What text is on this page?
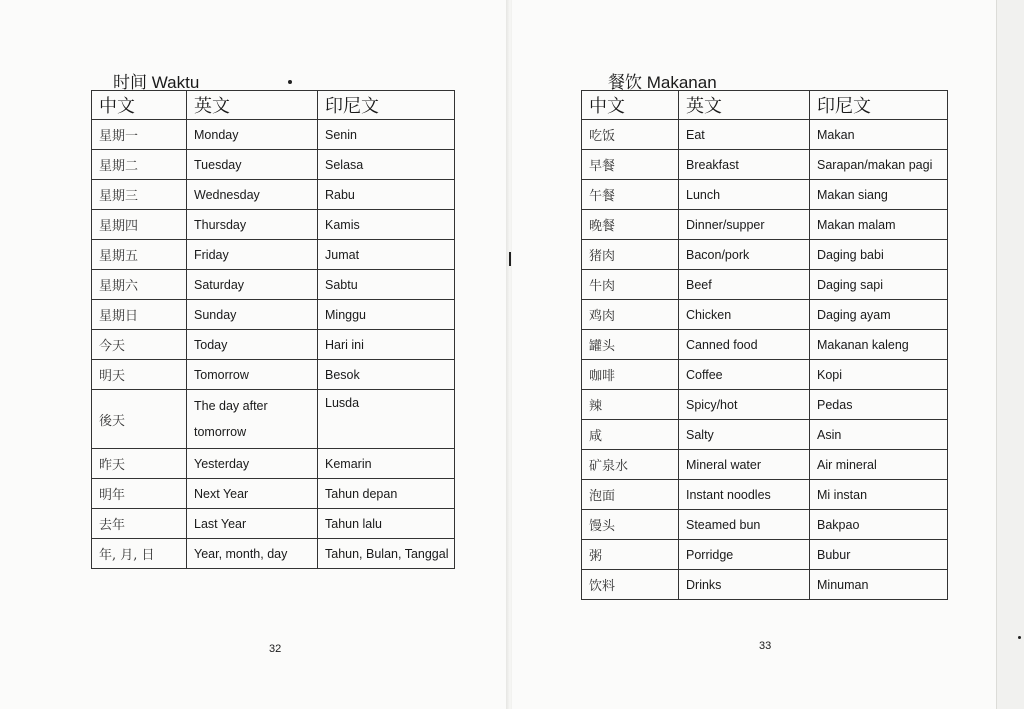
时间 Waktu
中文	英文	印尼文
星期一	Monday	Senin
星期二	Tuesday	Selasa
星期三	Wednesday	Rabu
星期四	Thursday	Kamis
星期五	Friday	Jumat
星期六	Saturday	Sabtu
星期日	Sunday	Minggu
今天	Today	Hari ini
明天	Tomorrow	Besok
後天	The day after tomorrow	Lusda
昨天	Yesterday	Kemarin
明年	Next Year	Tahun depan
去年	Last Year	Tahun lalu
年, 月, 日	Year, month, day	Tahun, Bulan, Tanggal
32
餐饮 Makanan
中文	英文	印尼文
吃饭	Eat	Makan
早餐	Breakfast	Sarapan/makan pagi
午餐	Lunch	Makan siang
晚餐	Dinner/supper	Makan malam
猪肉	Bacon/pork	Daging babi
牛肉	Beef	Daging sapi
鸡肉	Chicken	Daging ayam
罐头	Canned food	Makanan kaleng
咖啡	Coffee	Kopi
辣	Spicy/hot	Pedas
咸	Salty	Asin
矿泉水	Mineral water	Air mineral
泡面	Instant noodles	Mi instan
馒头	Steamed bun	Bakpao
粥	Porridge	Bubur
饮料	Drinks	Minuman
33
